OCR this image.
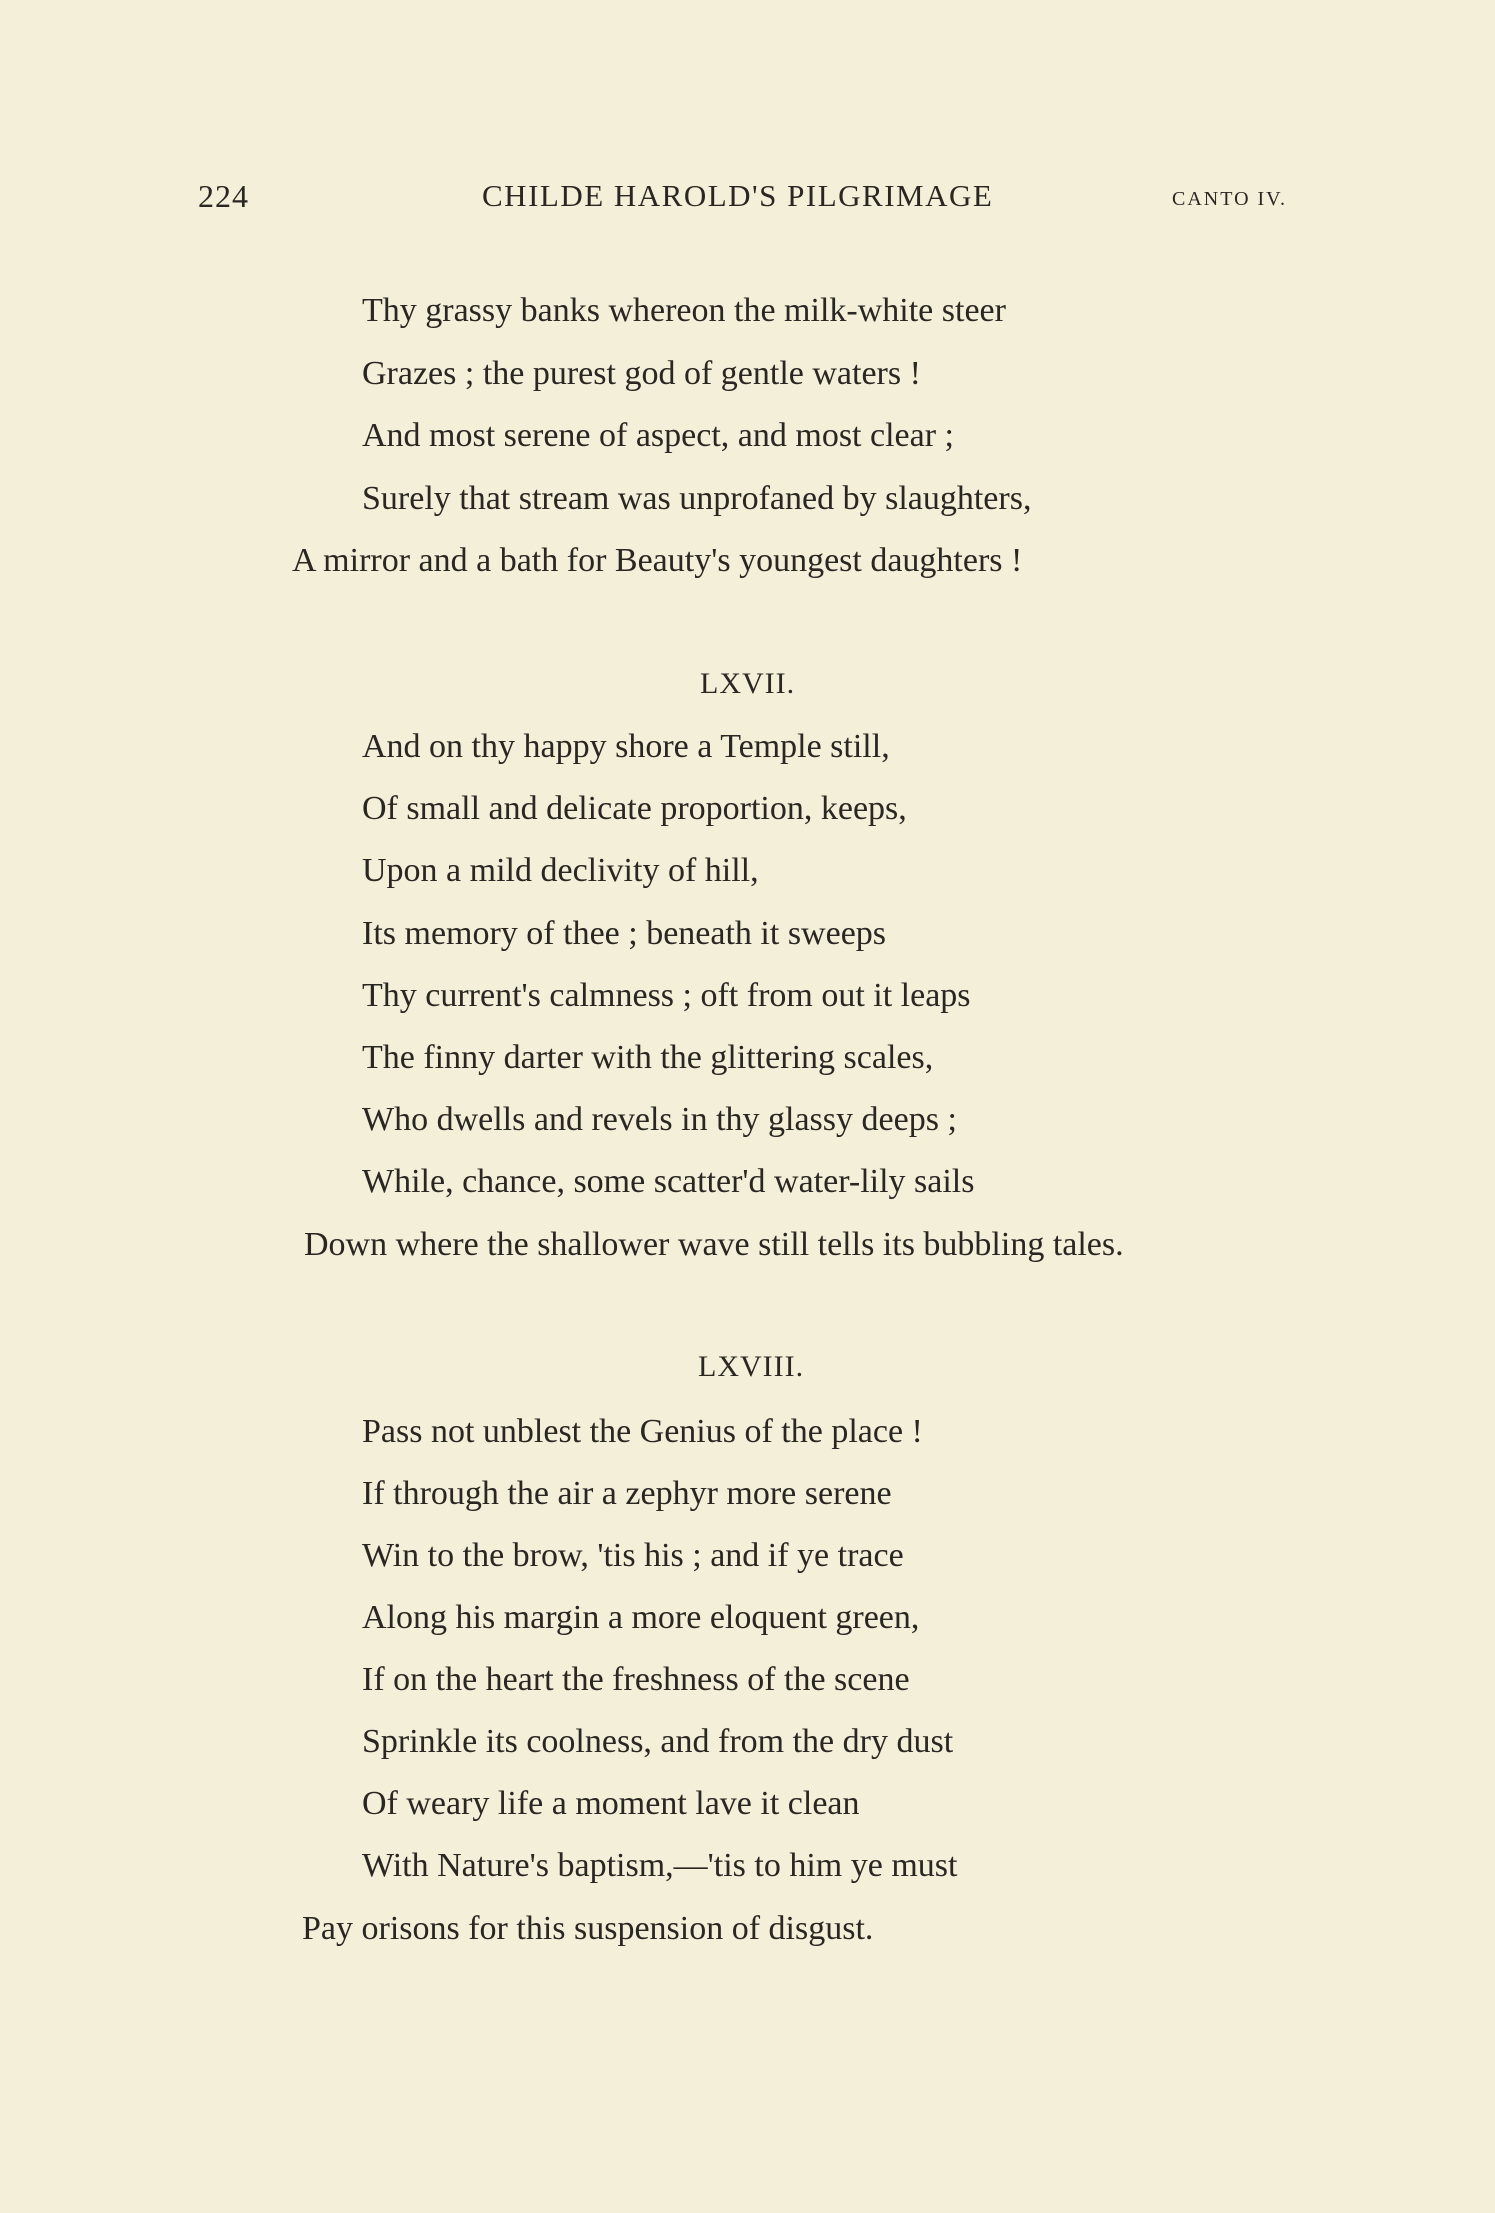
224	CHILDE HAROLD'S PILGRIMAGE	CANTO IV.
Thy grassy banks whereon the milk-white steer
Grazes ; the purest god of gentle waters !
And most serene of aspect, and most clear ;
Surely that stream was unprofaned by slaughters,
A mirror and a bath for Beauty's youngest daughters !
LXVII.
And on thy happy shore a Temple still,
Of small and delicate proportion, keeps,
Upon a mild declivity of hill,
Its memory of thee ; beneath it sweeps
Thy current's calmness ; oft from out it leaps
The finny darter with the glittering scales,
Who dwells and revels in thy glassy deeps ;
While, chance, some scatter'd water-lily sails
Down where the shallower wave still tells its bubbling tales.
LXVIII.
Pass not unblest the Genius of the place !
If through the air a zephyr more serene
Win to the brow, 'tis his ; and if ye trace
Along his margin a more eloquent green,
If on the heart the freshness of the scene
Sprinkle its coolness, and from the dry dust
Of weary life a moment lave it clean
With Nature's baptism,—'tis to him ye must
Pay orisons for this suspension of disgust.
